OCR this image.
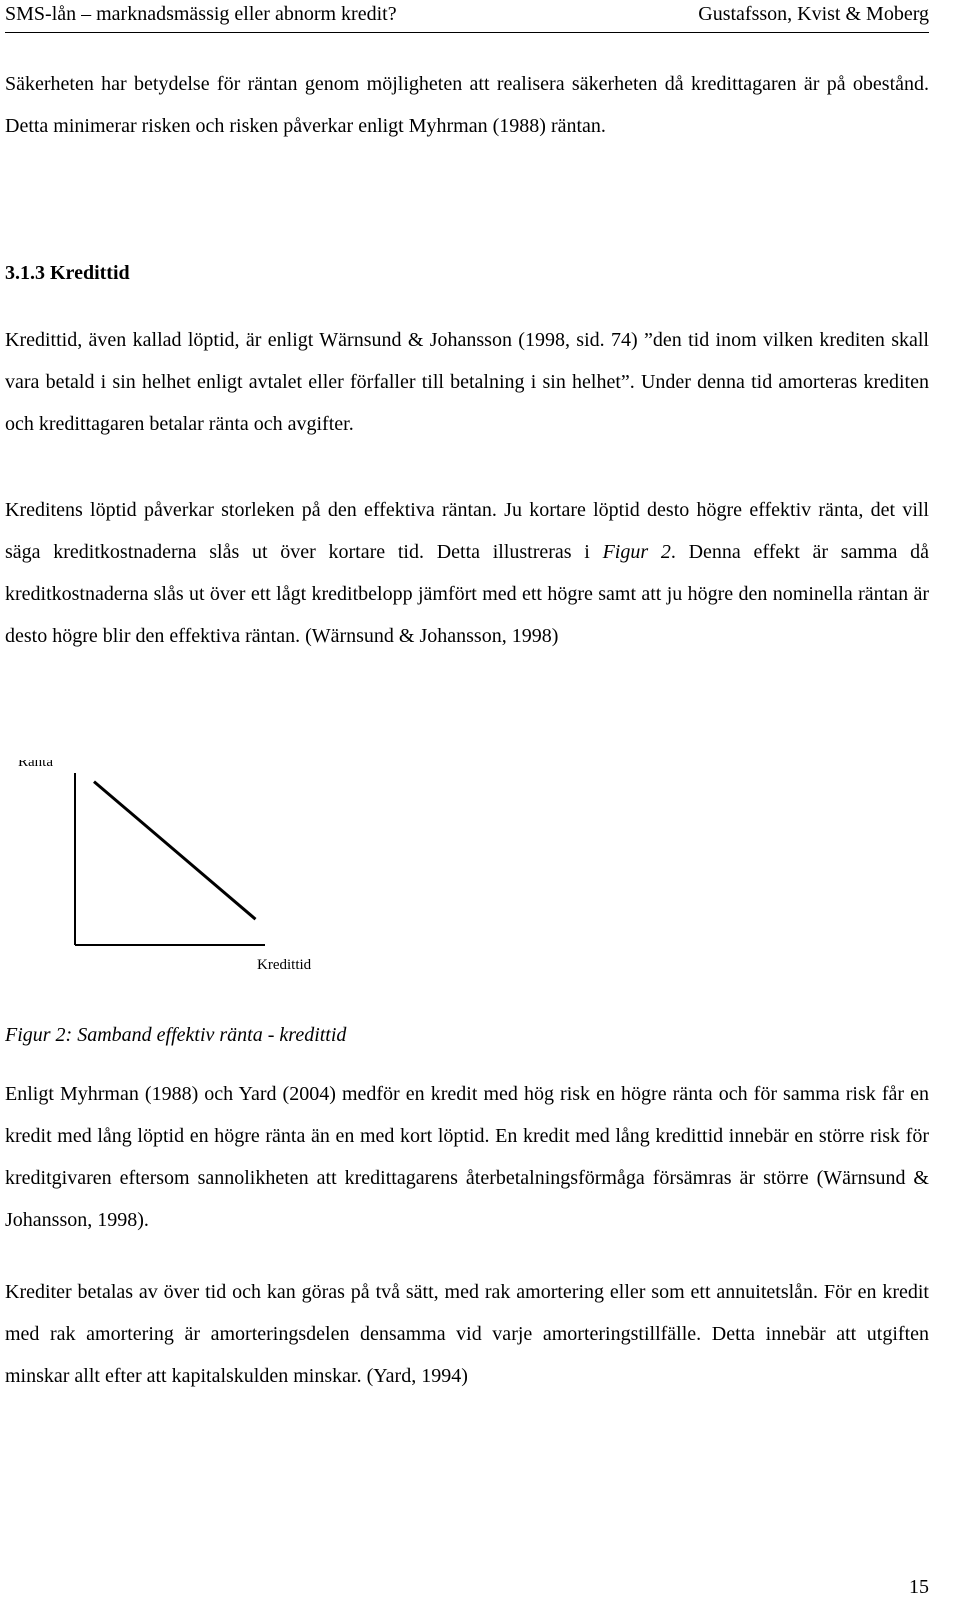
SMS-lån – marknadsmässig eller abnorm kredit?	Gustafsson, Kvist & Moberg

Säkerheten har betydelse för räntan genom möjligheten att realisera säkerheten då kredittagaren är på obestånd. Detta minimerar risken och risken påverkar enligt Myhrman (1988) räntan.

3.1.3 Kredittid

Kredittid, även kallad löptid, är enligt Wärnsund & Johansson (1998, sid. 74) ”den tid inom vilken krediten skall vara betald i sin helhet enligt avtalet eller förfaller till betalning i sin helhet”. Under denna tid amorteras krediten och kredittagaren betalar ränta och avgifter.

Kreditens löptid påverkar storleken på den effektiva räntan. Ju kortare löptid desto högre effektiv ränta, det vill säga kreditkostnaderna slås ut över kortare tid. Detta illustreras i Figur 2. Denna effekt är samma då kreditkostnaderna slås ut över ett lågt kreditbelopp jämfört med ett högre samt att ju högre den nominella räntan är desto högre blir den effektiva räntan. (Wärnsund & Johansson, 1998)

Ränta
Kredittid

Figur 2: Samband effektiv ränta - kredittid

Enligt Myhrman (1988) och Yard (2004) medför en kredit med hög risk en högre ränta och för samma risk får en kredit med lång löptid en högre ränta än en med kort löptid. En kredit med lång kredittid innebär en större risk för kreditgivaren eftersom sannolikheten att kredittagarens återbetalningsförmåga försämras är större (Wärnsund & Johansson, 1998).

Krediter betalas av över tid och kan göras på två sätt, med rak amortering eller som ett annuitetslån. För en kredit med rak amortering är amorteringsdelen densamma vid varje amorteringstillfälle. Detta innebär att utgiften minskar allt efter att kapitalskulden minskar. (Yard, 1994)

15
